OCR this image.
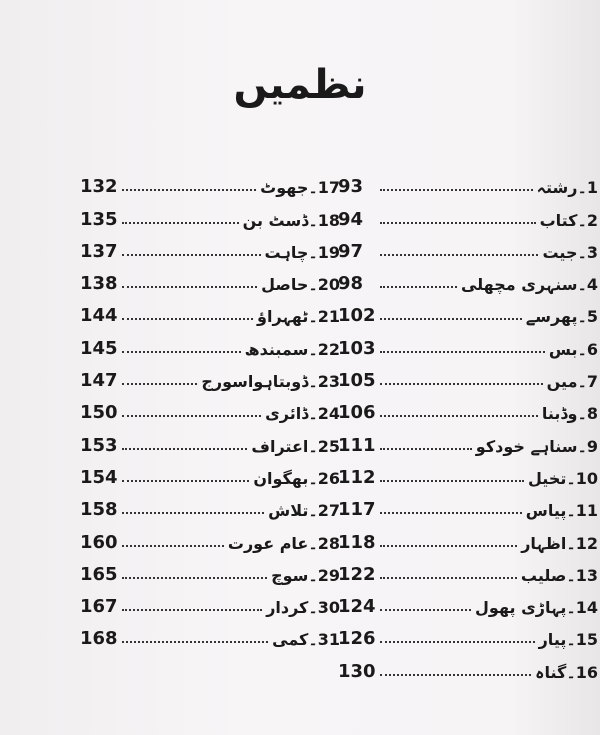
نظمیں
132	17۔جھوٹ
135	18۔ڈسٹ بن
137	19۔چاہت
138	20۔حاصل
144	21۔ٹھہراؤ
145	22۔سمبندھ
147	23۔ڈوبتاہواسورج
150	24۔ڈائری
153	25۔اعتراف
154	26۔بھگوان
158	27۔تلاش
160	28۔عام عورت
165	29۔سوچ
167	30۔کردار
168	31۔کمی
93	1۔رشتہ
94	2۔کتاب
97	3۔جیت
98	4۔سنہری مچھلی
102	5۔پھرسے
103	6۔بس
105	7۔میں
106	8۔وڈبنا
111	9۔سناہے خودکو
112	10۔تخیل
117	11۔پیاس
118	12۔اظہار
122	13۔صلیب
124	14۔پہاڑی پھول
126	15۔پیار
130	16۔گناہ
